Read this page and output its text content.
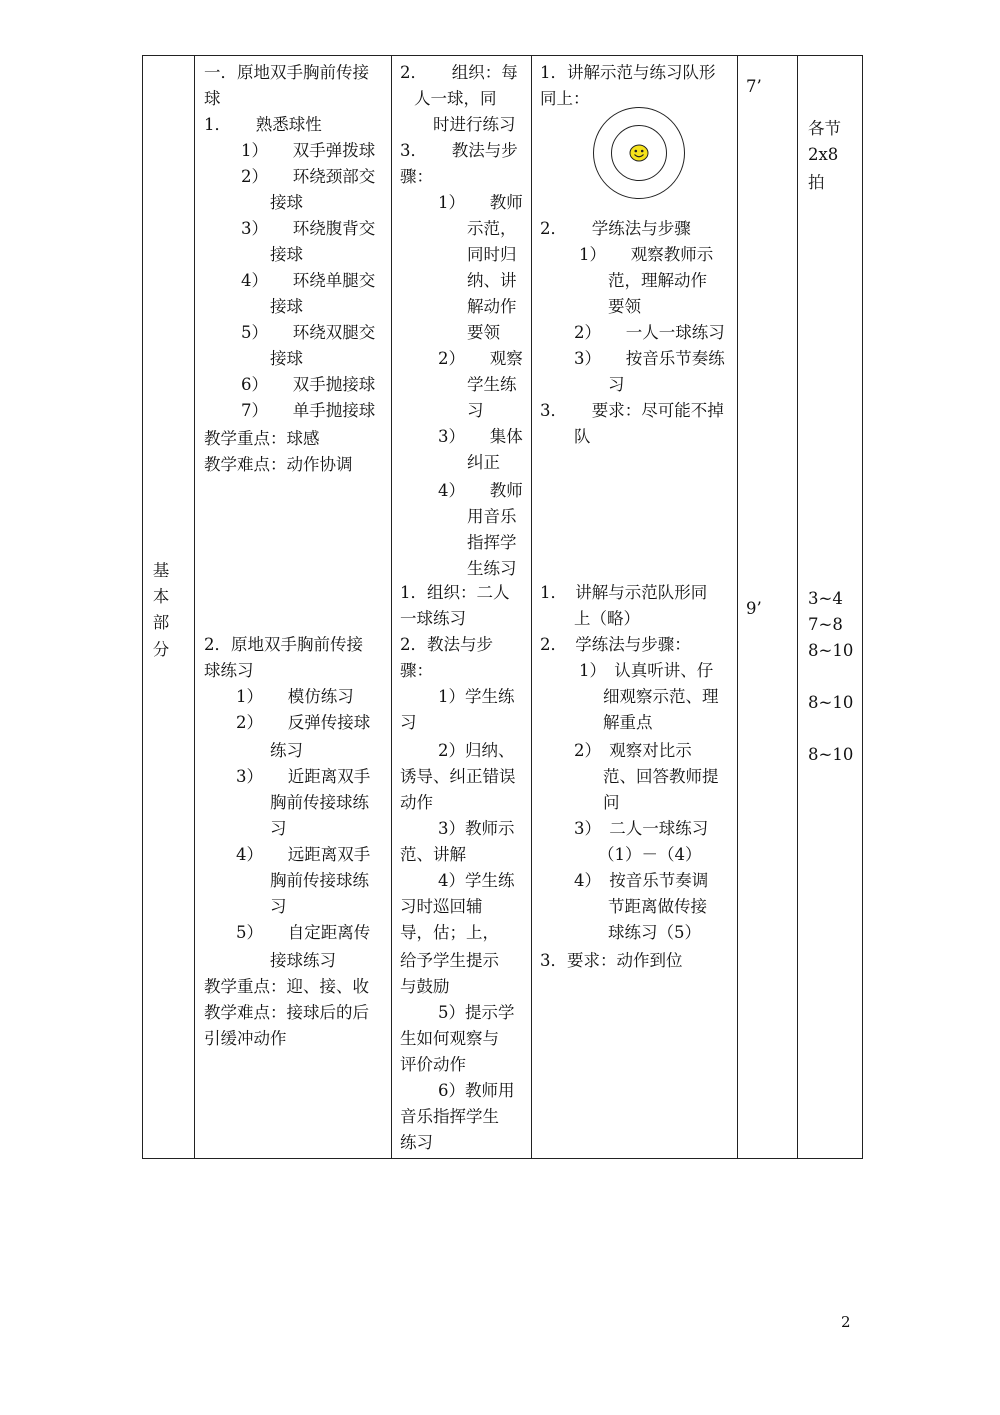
基
本
部
分
一．原地双手胸前传接
球
1．　　熟悉球性
1）　　双手弹拨球
2）　　环绕颈部交
接球
3）　　环绕腹背交
接球
4）　　环绕单腿交
接球
5）　　环绕双腿交
接球
6）　　双手抛接球
7）　　单手抛接球
教学重点：球感
教学难点：动作协调
2．　　组织：每
人一球，同
时进行练习
3．　　教法与步
骤：
1）　　教师
示范，
同时归
纳、讲
解动作
要领
2）　　观察
学生练
习
3）　　集体
纠正
4）　　教师
用音乐
指挥学
生练习
1．讲解示范与练习队形
同上：
2．　　学练法与步骤
1）　　观察教师示
范，理解动作
要领
2）　　一人一球练习
3）　　按音乐节奏练
习
3．　　要求：尽可能不掉
队
7’
各节
2x8
拍
2．原地双手胸前传接
球练习
1）　　模仿练习
2）　　反弹传接球
练习
3）　　近距离双手
胸前传接球练
习
4）　　远距离双手
胸前传接球练
习
5）　　自定距离传
接球练习
教学重点：迎、接、收
教学难点：接球后的后
引缓冲动作
1．组织：二人
一球练习
2．教法与步
骤：
1）学生练
习
2）归纳、
诱导、纠正错误
动作
3）教师示
范、讲解
4）学生练
习时巡回辅
导，估；上，
给予学生提示
与鼓励
5）提示学
生如何观察与
评价动作
6）教师用
音乐指挥学生
练习
1．　讲解与示范队形同
上（略）
2．　学练法与步骤：
1）　认真听讲、仔
细观察示范、理
解重点
2）　观察对比示
范、回答教师提
问
3）　二人一球练习
（1）－（4）
4）　按音乐节奏调
节距离做传接
球练习（5）
3．要求：动作到位
9’
3~4
7~8
8~10
8~10
8~10
2
